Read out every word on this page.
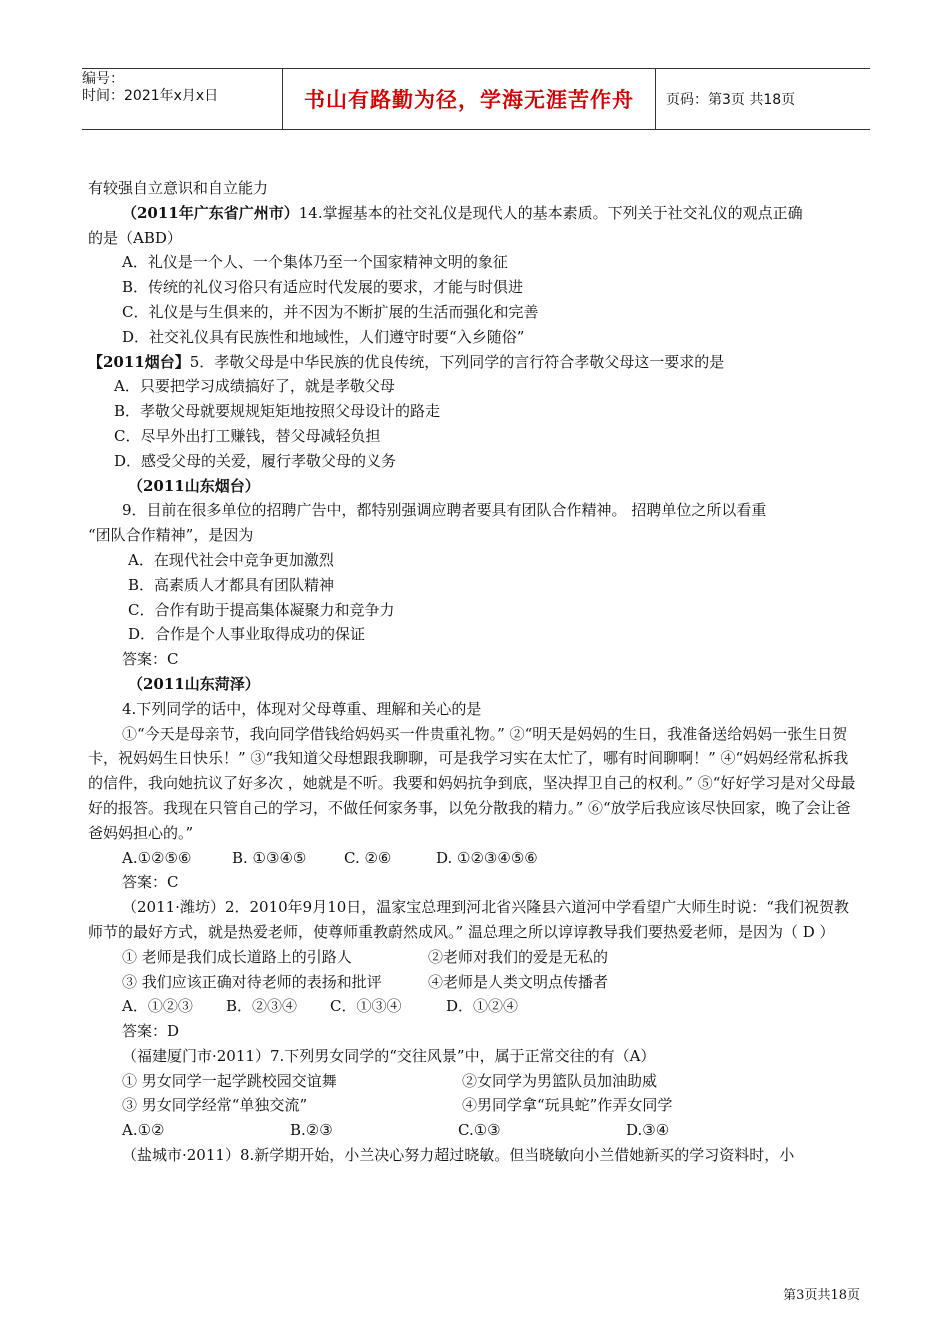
编号：
时间：2021年x月x日	书山有路勤为径，学海无涯苦作舟	页码：第3页 共18页

有较强自立意识和自立能力

（2011年广东省广州市）14.掌握基本的社交礼仪是现代人的基本素质。下列关于社交礼仪的观点正确

的是（ABD）

A．礼仪是一个人、一个集体乃至一个国家精神文明的象征

B．传统的礼仪习俗只有适应时代发展的要求，才能与时俱进

C．礼仪是与生俱来的，并不因为不断扩展的生活而强化和完善

D．社交礼仪具有民族性和地域性，人们遵守时要“入乡随俗”

【2011烟台】5．孝敬父母是中华民族的优良传统，下列同学的言行符合孝敬父母这一要求的是

A．只要把学习成绩搞好了，就是孝敬父母

B．孝敬父母就要规规矩矩地按照父母设计的路走

C．尽早外出打工赚钱，替父母减轻负担

D．感受父母的关爱，履行孝敬父母的义务

（2011山东烟台）

9．目前在很多单位的招聘广告中，都特别强调应聘者要具有团队合作精神。 招聘单位之所以看重

“团队合作精神”，是因为

A．在现代社会中竞争更加激烈

B．高素质人才都具有团队精神

C．合作有助于提高集体凝聚力和竞争力

D．合作是个人事业取得成功的保证

答案：C

（2011山东菏泽）

4.下列同学的话中，体现对父母尊重、理解和关心的是

①“今天是母亲节，我向同学借钱给妈妈买一件贵重礼物。” ②“明天是妈妈的生日，我准备送给妈妈一张生日贺卡，祝妈妈生日快乐！” ③“我知道父母想跟我聊聊，可是我学习实在太忙了，哪有时间聊啊！” ④“妈妈经常私拆我的信件，我向她抗议了好多次 ，她就是不听。我要和妈妈抗争到底，坚决捍卫自己的权利。” ⑤“好好学习是对父母最好的报答。我现在只管自己的学习，不做任何家务事，以免分散我的精力。” ⑥“放学后我应该尽快回家，晚了会让爸爸妈妈担心的。”

A.①②⑤⑥	B. ①③④⑤	C. ②⑥	D. ①②③④⑤⑥

答案：C

（2011·潍坊）2．2010年9月10日，温家宝总理到河北省兴隆县六道河中学看望广大师生时说：“我们祝贺教师节的最好方式，就是热爱老师，使尊师重教蔚然成风。” 温总理之所以谆谆教导我们要热爱老师，是因为（ D ）

① 老师是我们成长道路上的引路人	②老师对我们的爱是无私的

③ 我们应该正确对待老师的表扬和批评	④老师是人类文明点传播者

A．①②③	B．②③④	C．①③④	D．①②④

答案：D

（福建厦门市·2011）7.下列男女同学的“交往风景”中，属于正常交往的有（A）

① 男女同学一起学跳校园交谊舞	②女同学为男篮队员加油助威

③ 男女同学经常“单独交流”	④男同学拿“玩具蛇”作弄女同学

A.①②	B.②③	C.①③	D.③④

（盐城市·2011）8.新学期开始，小兰决心努力超过晓敏。但当晓敏向小兰借她新买的学习资料时，小

第3页共18页
